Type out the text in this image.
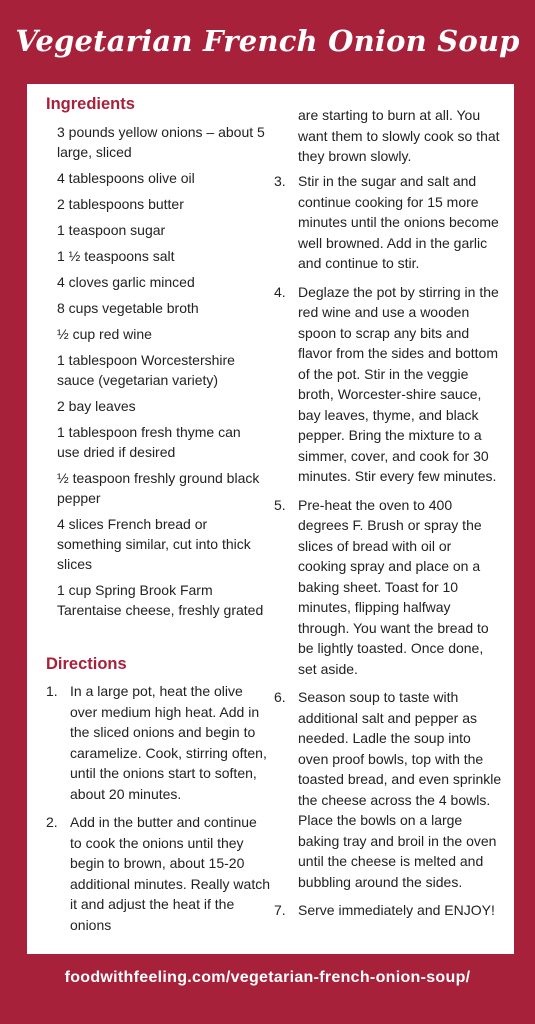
Vegetarian French Onion Soup
Ingredients
3 pounds yellow onions – about 5 large, sliced
4 tablespoons olive oil
2 tablespoons butter
1 teaspoon sugar
1 ½ teaspoons salt
4 cloves garlic minced
8 cups vegetable broth
½ cup red wine
1 tablespoon Worcestershire sauce (vegetarian variety)
2 bay leaves
1 tablespoon fresh thyme can use dried if desired
½ teaspoon freshly ground black pepper
4 slices French bread or something similar, cut into thick slices
1 cup Spring Brook Farm Tarentaise cheese, freshly grated
Directions
1. In a large pot, heat the olive over medium high heat. Add in the sliced onions and begin to caramelize. Cook, stirring often, until the onions start to soften, about 20 minutes.
2. Add in the butter and continue to cook the onions until they begin to brown, about 15-20 additional minutes. Really watch it and adjust the heat if the onions
are starting to burn at all. You want them to slowly cook so that they brown slowly.
3. Stir in the sugar and salt and continue cooking for 15 more minutes until the onions become well browned. Add in the garlic and continue to stir.
4. Deglaze the pot by stirring in the red wine and use a wooden spoon to scrap any bits and flavor from the sides and bottom of the pot. Stir in the veggie broth, Worcester-shire sauce, bay leaves, thyme, and black pepper. Bring the mixture to a simmer, cover, and cook for 30 minutes. Stir every few minutes.
5. Pre-heat the oven to 400 degrees F. Brush or spray the slices of bread with oil or cooking spray and place on a baking sheet. Toast for 10 minutes, flipping halfway through. You want the bread to be lightly toasted. Once done, set aside.
6. Season soup to taste with additional salt and pepper as needed. Ladle the soup into oven proof bowls, top with the toasted bread, and even sprinkle the cheese across the 4 bowls. Place the bowls on a large baking tray and broil in the oven until the cheese is melted and bubbling around the sides.
7. Serve immediately and ENJOY!
foodwithfeeling.com/vegetarian-french-onion-soup/
